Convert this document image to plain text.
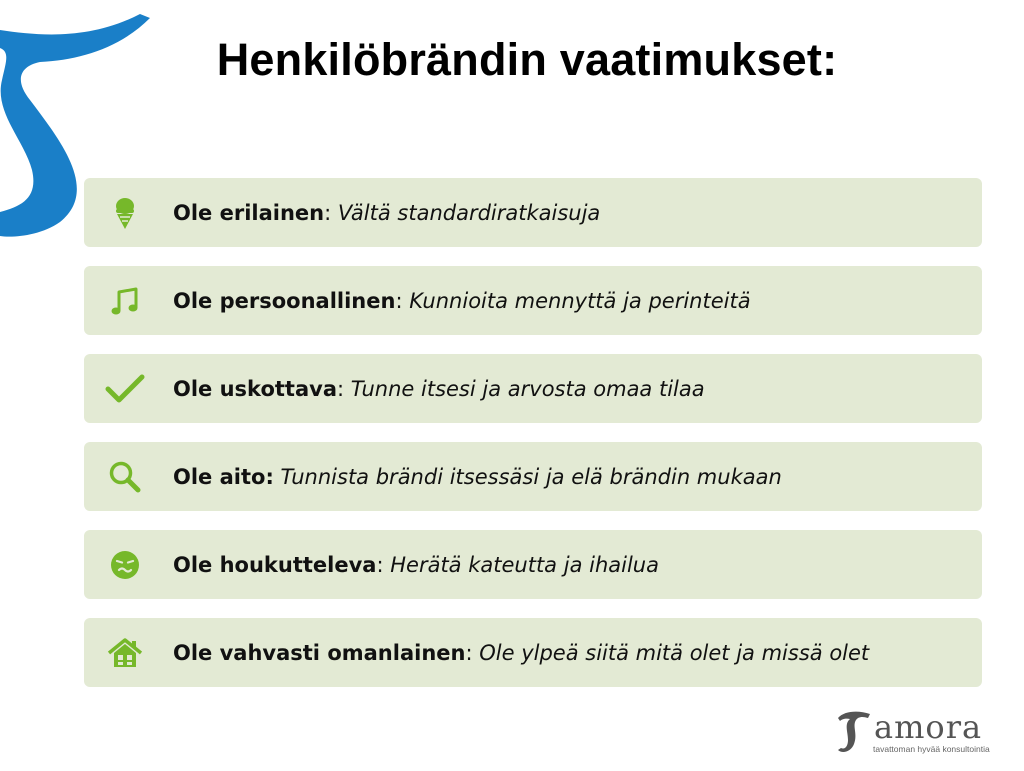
Henkilöbrändin vaatimukset:
Ole erilainen: Vältä standardiratkaisuja
Ole persoonallinen: Kunnioita mennyttä ja perinteitä
Ole uskottava: Tunne itsesi ja arvosta omaa tilaa
Ole aito: Tunnista brändi itsessäsi ja elä brändin mukaan
Ole houkutteleva: Herätä kateutta ja ihailua
Ole vahvasti omanlainen: Ole ylpeä siitä mitä olet ja missä olet
amora
tavattoman hyvää konsultointia
